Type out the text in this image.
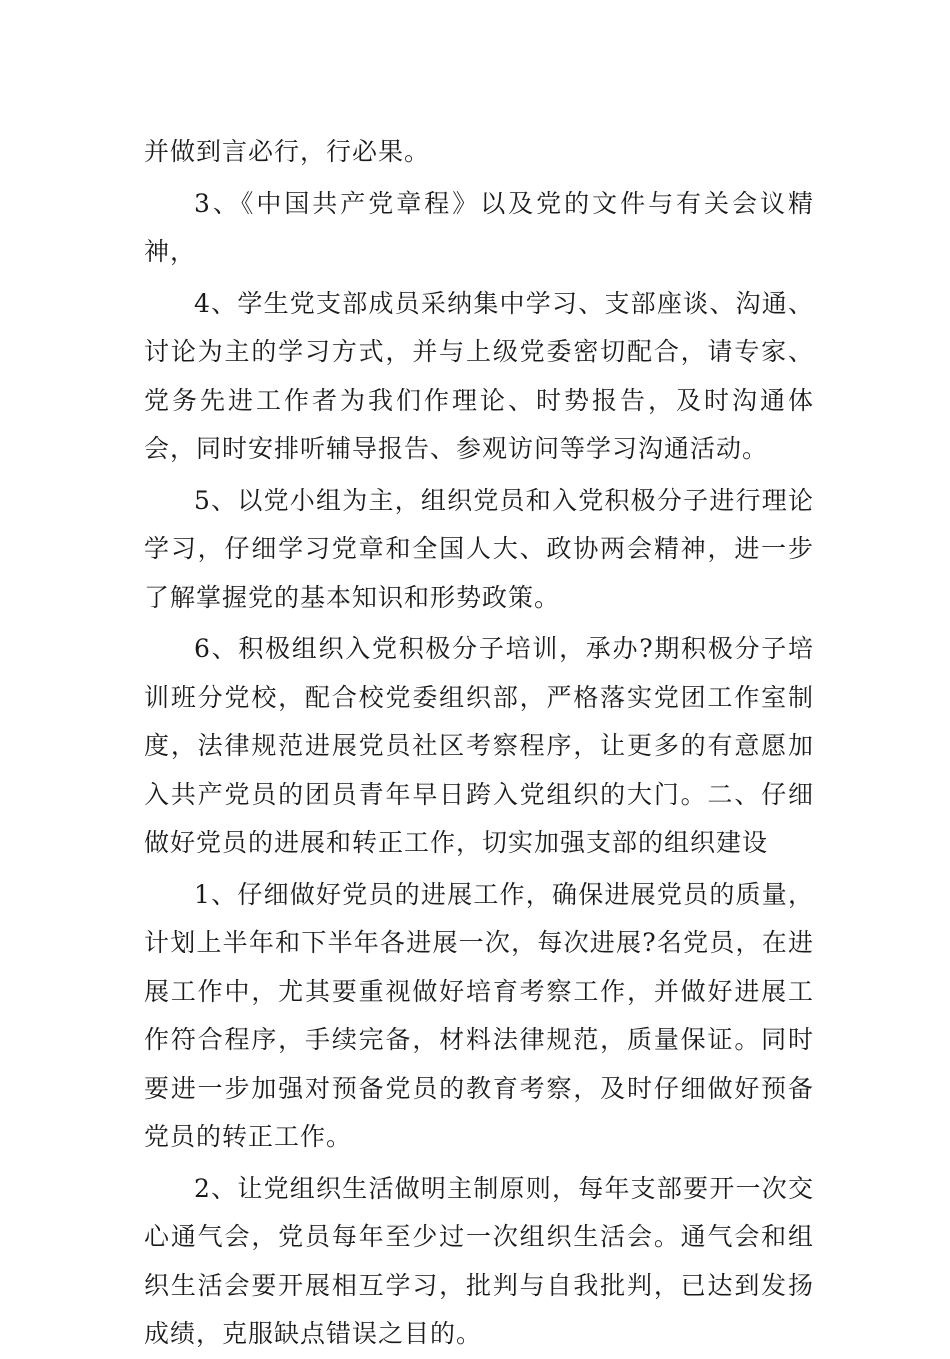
并做到言必行，行必果。

3、《中国共产党章程》以及党的文件与有关会议精神，

4、学生党支部成员采纳集中学习、支部座谈、沟通、讨论为主的学习方式，并与上级党委密切配合，请专家、党务先进工作者为我们作理论、时势报告，及时沟通体会，同时安排听辅导报告、参观访问等学习沟通活动。

5、以党小组为主，组织党员和入党积极分子进行理论学习，仔细学习党章和全国人大、政协两会精神，进一步了解掌握党的基本知识和形势政策。

6、积极组织入党积极分子培训，承办?期积极分子培训班分党校，配合校党委组织部，严格落实党团工作室制度，法律规范进展党员社区考察程序，让更多的有意愿加入共产党员的团员青年早日跨入党组织的大门。二、仔细做好党员的进展和转正工作，切实加强支部的组织建设

1、仔细做好党员的进展工作，确保进展党员的质量，计划上半年和下半年各进展一次，每次进展?名党员，在进展工作中，尤其要重视做好培育考察工作，并做好进展工作符合程序，手续完备，材料法律规范，质量保证。同时要进一步加强对预备党员的教育考察，及时仔细做好预备党员的转正工作。

2、让党组织生活做明主制原则，每年支部要开一次交心通气会，党员每年至少过一次组织生活会。通气会和组织生活会要开展相互学习，批判与自我批判，已达到发扬成绩，克服缺点错误之目的。
